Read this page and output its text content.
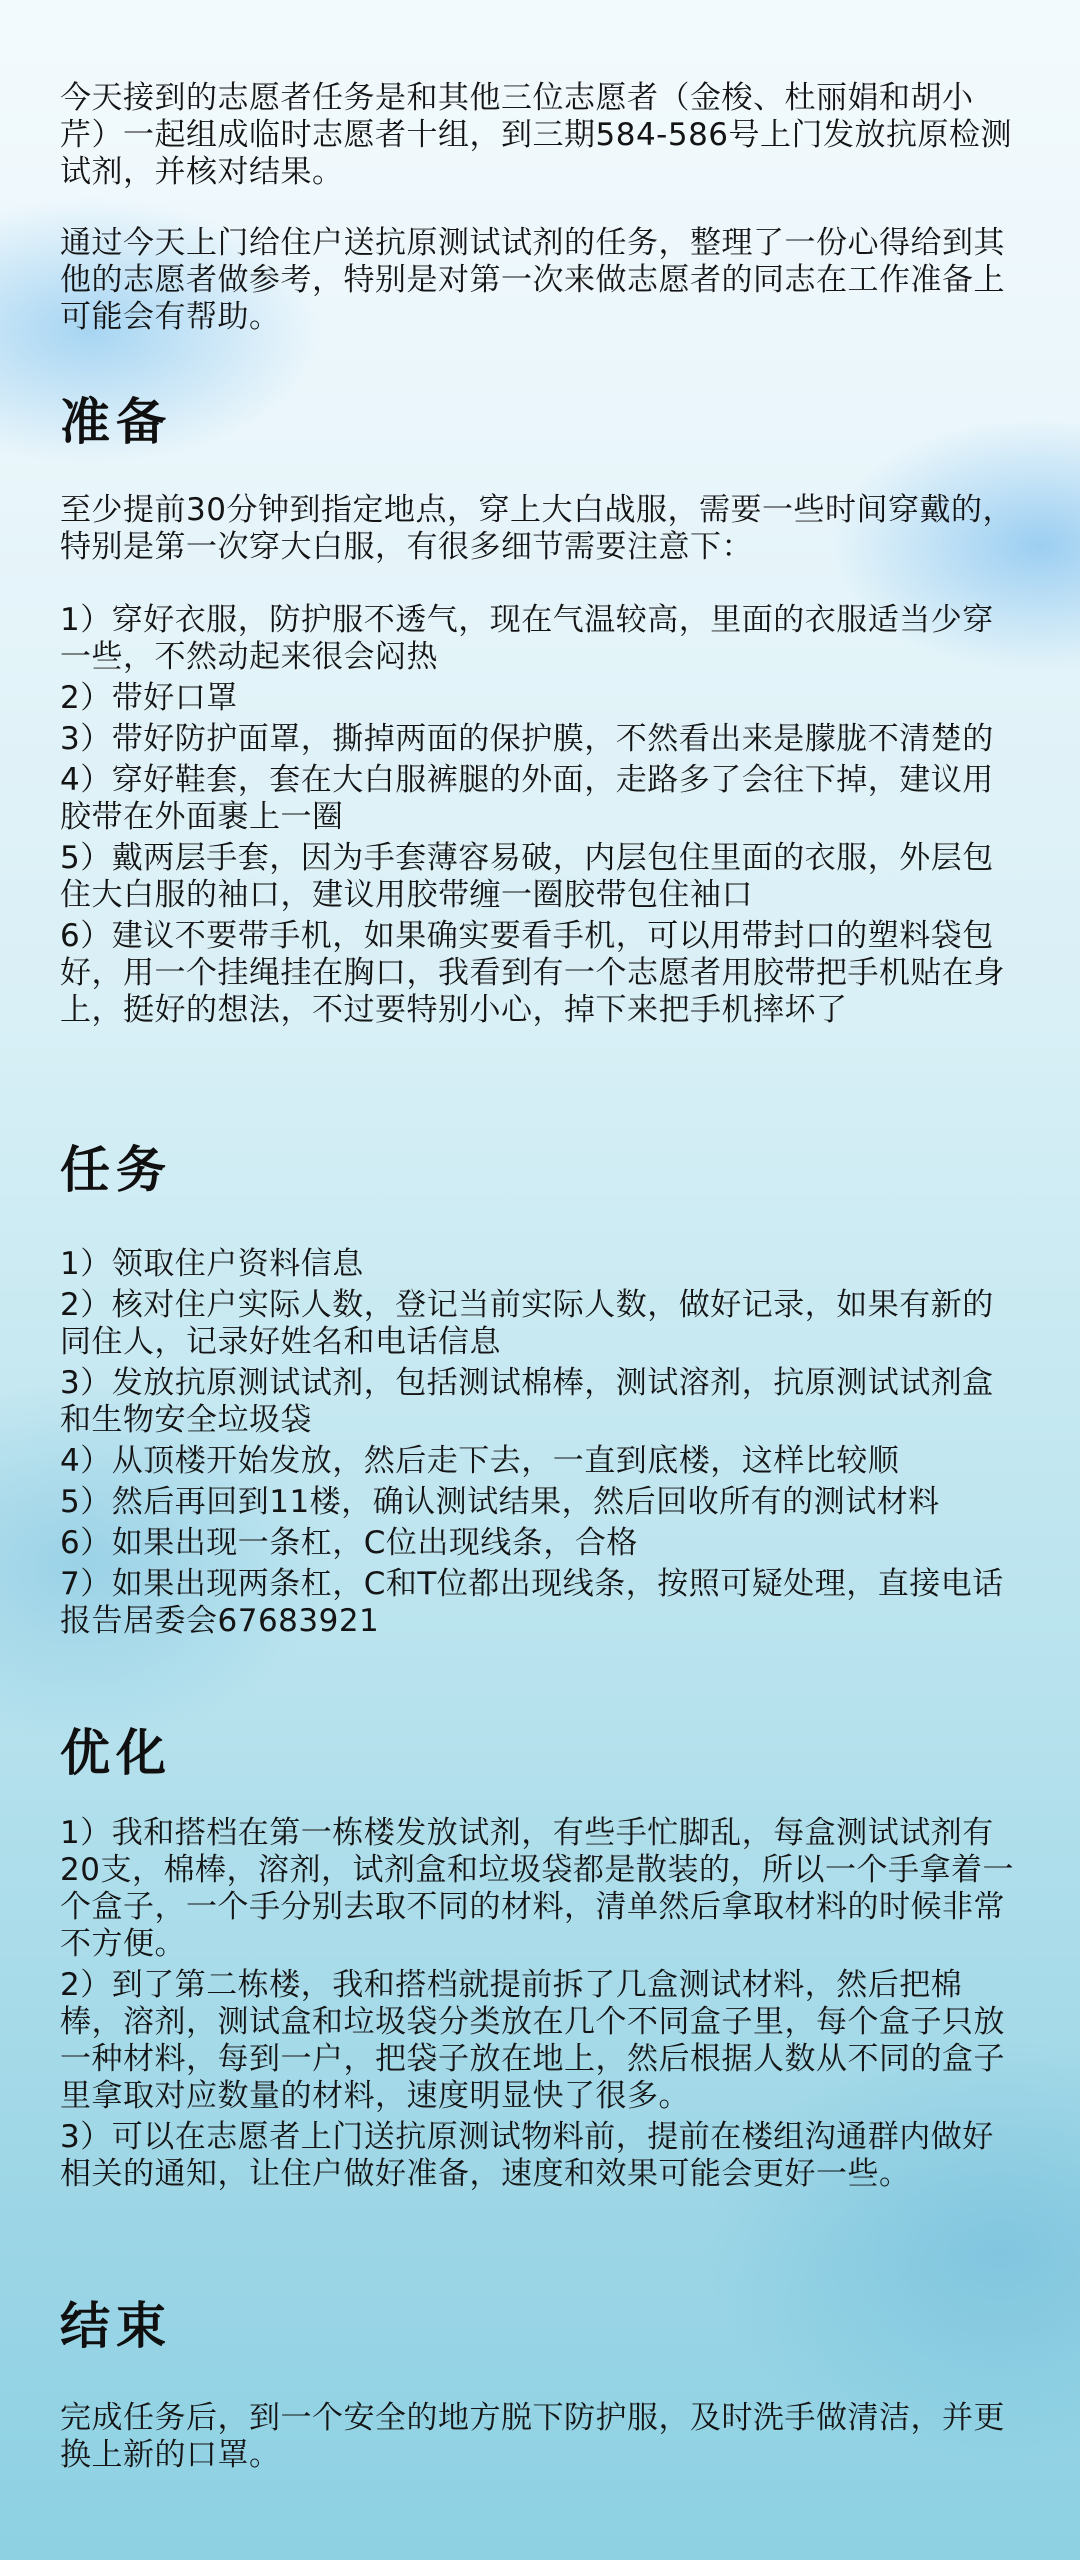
今天接到的志愿者任务是和其他三位志愿者（金梭、杜丽娟和胡小芹）一起组成临时志愿者十组，到三期584-586号上门发放抗原检测试剂，并核对结果。

通过今天上门给住户送抗原测试试剂的任务，整理了一份心得给到其他的志愿者做参考，特别是对第一次来做志愿者的同志在工作准备上可能会有帮助。

准备

至少提前30分钟到指定地点，穿上大白战服，需要一些时间穿戴的，特别是第一次穿大白服，有很多细节需要注意下：

1）穿好衣服，防护服不透气，现在气温较高，里面的衣服适当少穿一些，不然动起来很会闷热
2）带好口罩
3）带好防护面罩，撕掉两面的保护膜，不然看出来是朦胧不清楚的
4）穿好鞋套，套在大白服裤腿的外面，走路多了会往下掉，建议用胶带在外面裹上一圈
5）戴两层手套，因为手套薄容易破，内层包住里面的衣服，外层包住大白服的袖口，建议用胶带缠一圈胶带包住袖口
6）建议不要带手机，如果确实要看手机，可以用带封口的塑料袋包好，用一个挂绳挂在胸口，我看到有一个志愿者用胶带把手机贴在身上，挺好的想法，不过要特别小心，掉下来把手机摔坏了
任务
1）领取住户资料信息
2）核对住户实际人数，登记当前实际人数，做好记录，如果有新的同住人，记录好姓名和电话信息
3）发放抗原测试试剂，包括测试棉棒，测试溶剂，抗原测试试剂盒和生物安全垃圾袋
4）从顶楼开始发放，然后走下去，一直到底楼，这样比较顺
5）然后再回到11楼，确认测试结果，然后回收所有的测试材料
6）如果出现一条杠，C位出现线条，合格
7）如果出现两条杠，C和T位都出现线条，按照可疑处理，直接电话报告居委会67683921
优化
1）我和搭档在第一栋楼发放试剂，有些手忙脚乱，每盒测试试剂有20支，棉棒，溶剂，试剂盒和垃圾袋都是散装的，所以一个手拿着一个盒子，一个手分别去取不同的材料，清单然后拿取材料的时候非常不方便。
2）到了第二栋楼，我和搭档就提前拆了几盒测试材料，然后把棉棒，溶剂，测试盒和垃圾袋分类放在几个不同盒子里，每个盒子只放一种材料，每到一户，把袋子放在地上，然后根据人数从不同的盒子里拿取对应数量的材料，速度明显快了很多。
3）可以在志愿者上门送抗原测试物料前，提前在楼组沟通群内做好相关的通知，让住户做好准备，速度和效果可能会更好一些。
结束

完成任务后，到一个安全的地方脱下防护服，及时洗手做清洁，并更换上新的口罩。
